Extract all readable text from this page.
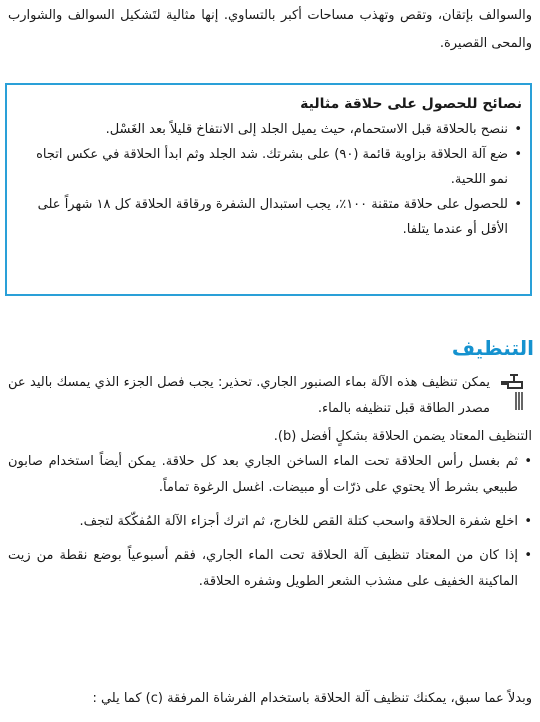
والسوالف بإتقان، وتقص وتهذب مساحات أكبر بالتساوي. إنها مثالية لتَشكيل السوالف والشوارب والمحى القصيرة.
نصائح للحصول على حلاقة مثالية
•
ننصح بالحلاقة قبل الاستحمام، حيث يميل الجلد إلى الانتفاخ قليلاً بعد الغَسْل.
•
ضع آلة الحلاقة بزاوية قائمة (٩٠) على بشرتك. شد الجلد وثم ابدأ الحلاقة في عكس اتجاه نمو اللحية.
•
للحصول على حلاقة متقنة ١٠٠٪، يجب استبدال الشفرة ورقاقة الحلاقة كل ١٨ شهراً على الأقل أو عندما يتلفا.
التنظيف
يمكن تنظيف هذه الآلة بماء الصنبور الجاري. تحذير: يجب فصل الجزء الذي يمسك باليد عن مصدر الطاقة قبل تنظيفه بالماء.
التنظيف المعتاد يضمن الحلاقة بشكلٍ أفضل (b).
•
ثم بغسل رأس الحلاقة تحت الماء الساخن الجاري بعد كل حلاقة. يمكن أيضاً استخدام صابون طبيعي بشرط ألا يحتوي على ذرّات أو مبيضات. اغسل الرغوة تماماً.
•
اخلع شفرة الحلاقة واسحب كتلة القص للخارج، ثم اترك أجزاء الآلة المُفكّكة لتجف.
•
إذا كان من المعتاد تنظيف آلة الحلاقة تحت الماء الجاري، فقم أسبوعياً بوضع نقطة من زيت الماكينة الخفيف على مشذب الشعر الطويل وشفره الحلاقة.
وبدلاً عما سبق، يمكنك تنظيف آلة الحلاقة باستخدام الفرشاة المرفقة (c) كما يلي :
